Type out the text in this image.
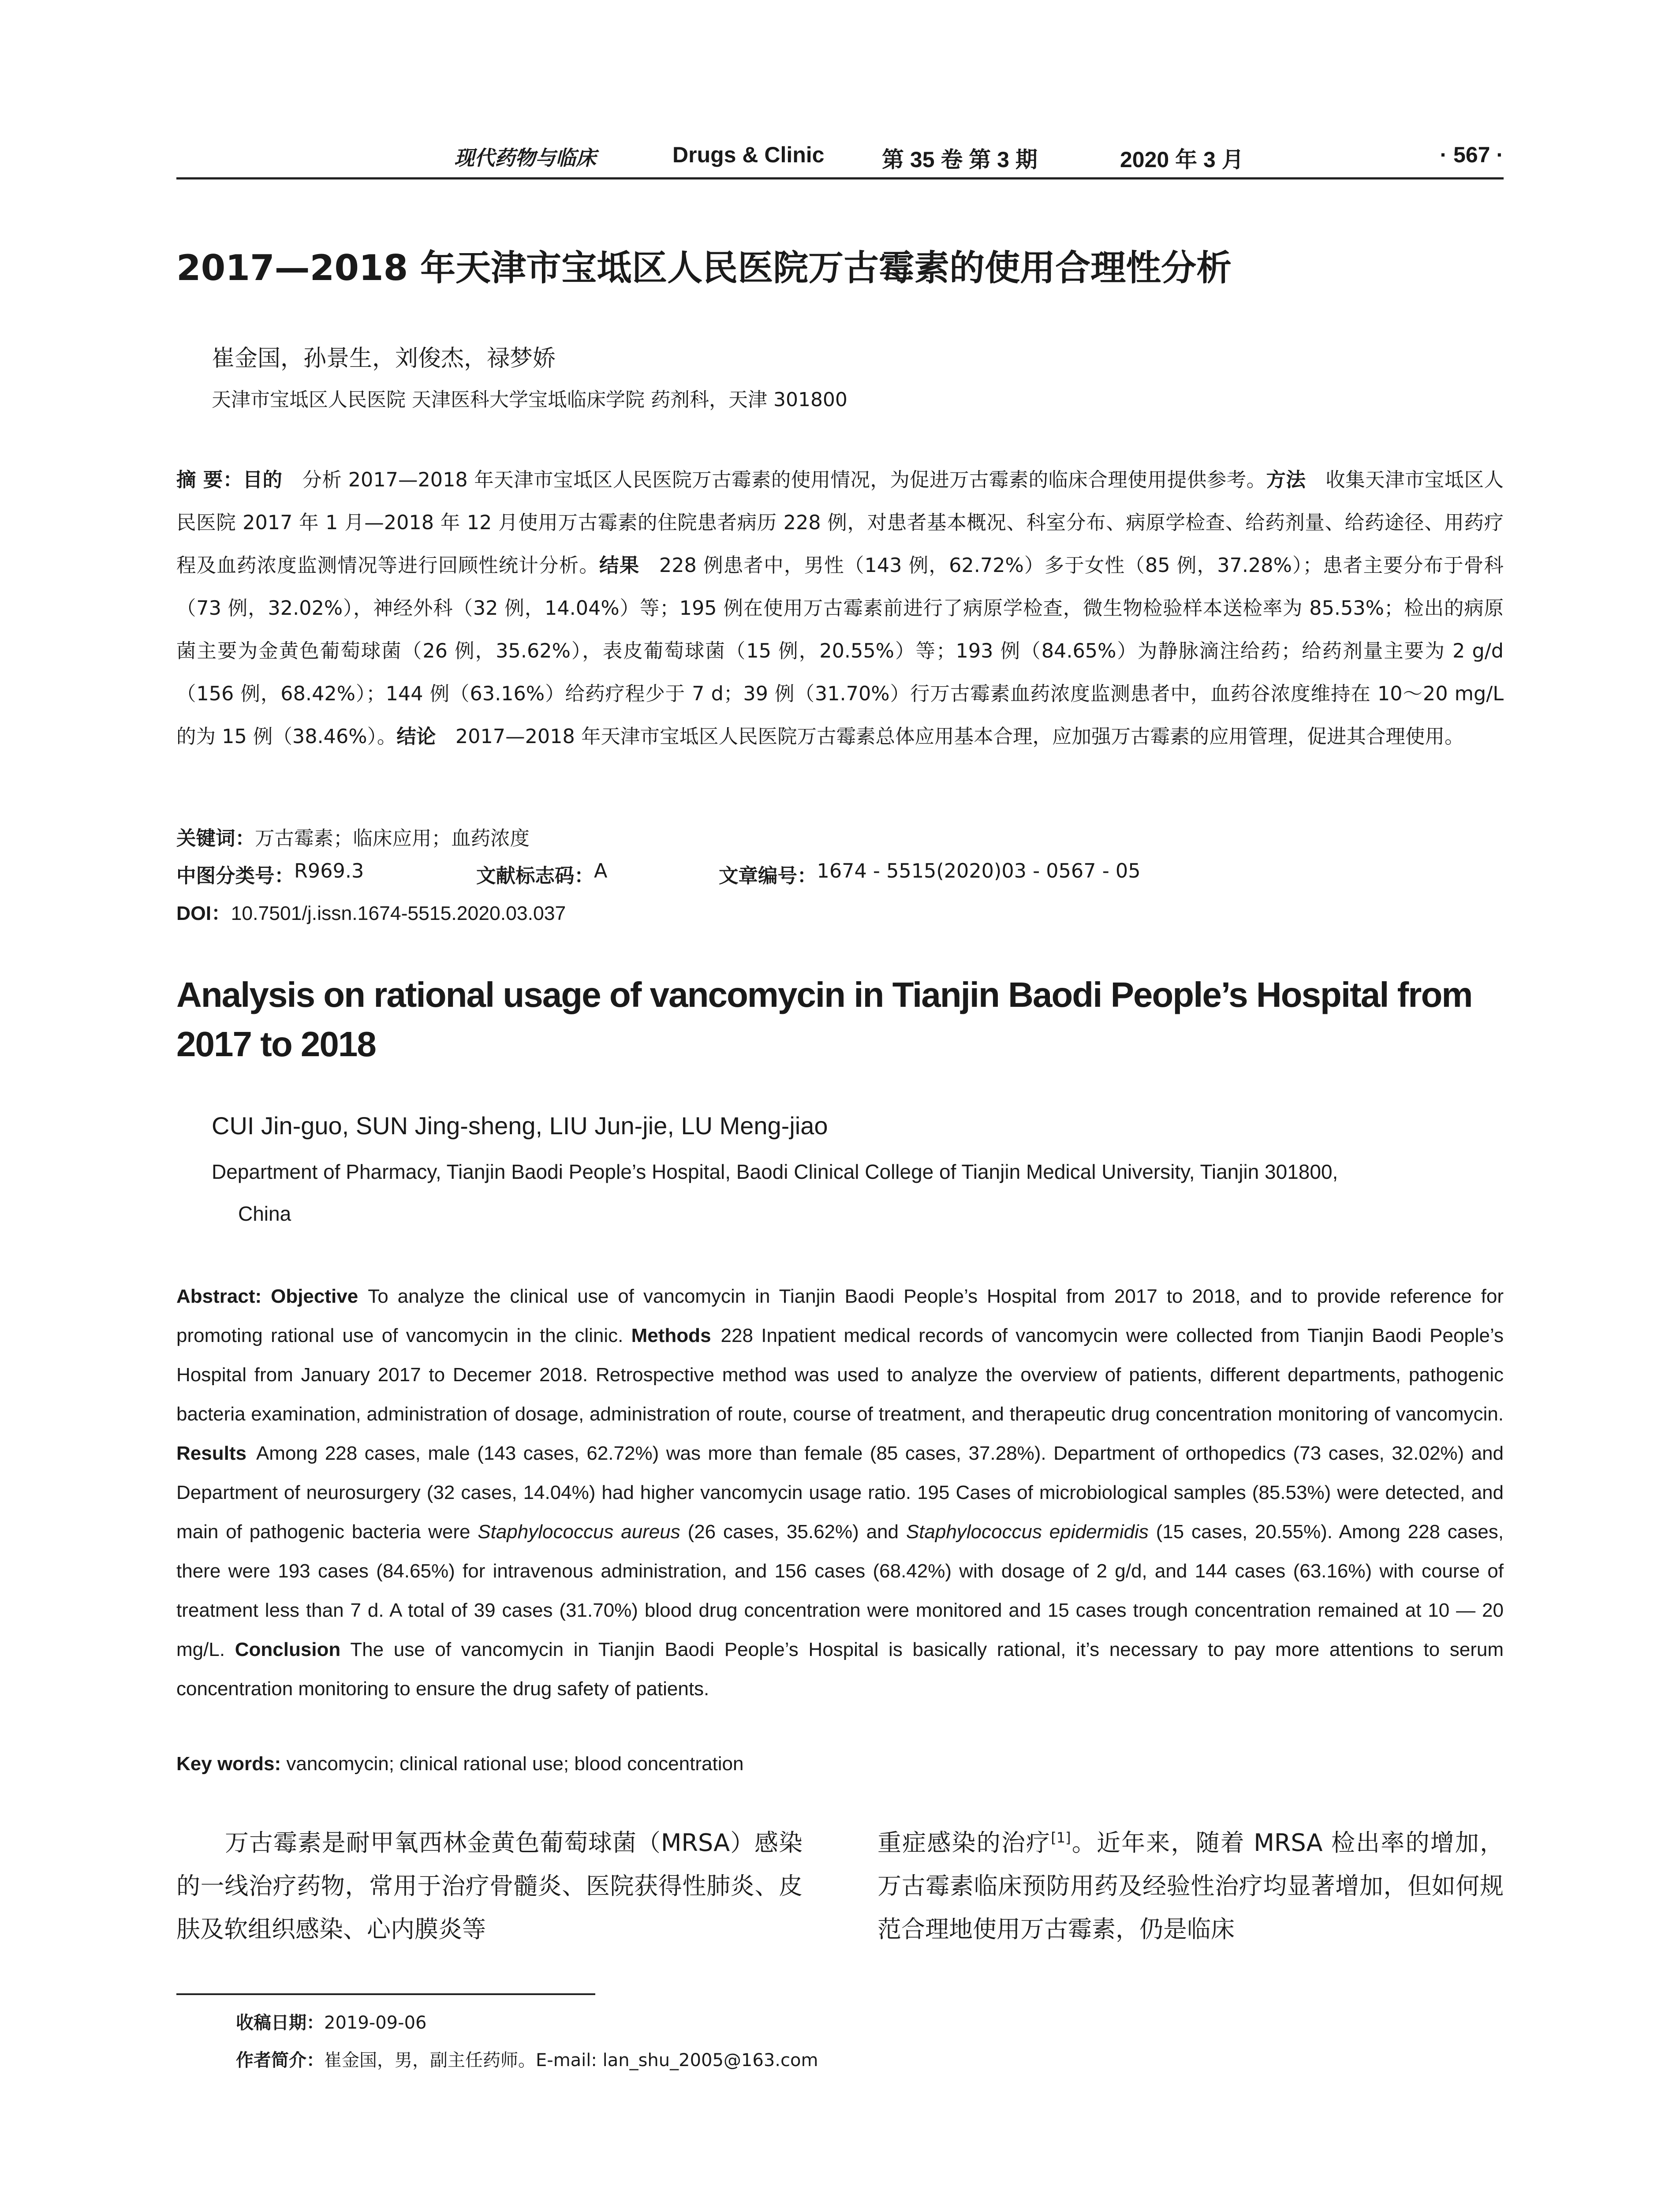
现代药物与临床	Drugs & Clinic	第 35 卷 第 3 期	2020 年 3 月	· 567 ·
2017—2018 年天津市宝坻区人民医院万古霉素的使用合理性分析
崔金国，孙景生，刘俊杰，禄梦娇
天津市宝坻区人民医院 天津医科大学宝坻临床学院 药剂科，天津 301800
摘 要：目的  分析 2017—2018 年天津市宝坻区人民医院万古霉素的使用情况，为促进万古霉素的临床合理使用提供参考。方法  收集天津市宝坻区人民医院 2017 年 1 月—2018 年 12 月使用万古霉素的住院患者病历 228 例，对患者基本概况、科室分布、病原学检查、给药剂量、给药途径、用药疗程及血药浓度监测情况等进行回顾性统计分析。结果  228 例患者中，男性（143 例，62.72%）多于女性（85 例，37.28%）；患者主要分布于骨科（73 例，32.02%），神经外科（32 例，14.04%）等；195 例在使用万古霉素前进行了病原学检查，微生物检验样本送检率为 85.53%；检出的病原菌主要为金黄色葡萄球菌（26 例，35.62%），表皮葡萄球菌（15 例，20.55%）等；193 例（84.65%）为静脉滴注给药；给药剂量主要为 2 g/d（156 例，68.42%）；144 例（63.16%）给药疗程少于 7 d；39 例（31.70%）行万古霉素血药浓度监测患者中，血药谷浓度维持在 10～20 mg/L 的为 15 例（38.46%）。结论  2017—2018 年天津市宝坻区人民医院万古霉素总体应用基本合理，应加强万古霉素的应用管理，促进其合理使用。
关键词：万古霉素；临床应用；血药浓度
中图分类号： R969.3	文献标志码： A	文章编号： 1674 - 5515(2020)03 - 0567 - 05
DOI：10.7501/j.issn.1674-5515.2020.03.037
Analysis on rational usage of vancomycin in Tianjin Baodi People’s Hospital from 2017 to 2018
CUI Jin-guo, SUN Jing-sheng, LIU Jun-jie, LU Meng-jiao
Department of Pharmacy, Tianjin Baodi People’s Hospital, Baodi Clinical College of Tianjin Medical University, Tianjin 301800,
China
Abstract: Objective  To analyze the clinical use of vancomycin in Tianjin Baodi People’s Hospital from 2017 to 2018, and to provide reference for promoting rational use of vancomycin in the clinic. Methods  228 Inpatient medical records of vancomycin were collected from Tianjin Baodi People’s Hospital from January 2017 to Decemer 2018. Retrospective method was used to analyze the overview of patients, different departments, pathogenic bacteria examination, administration of dosage, administration of route, course of treatment, and therapeutic drug concentration monitoring of vancomycin. Results  Among 228 cases, male (143 cases, 62.72%) was more than female (85 cases, 37.28%). Department of orthopedics (73 cases, 32.02%) and Department of neurosurgery (32 cases, 14.04%) had higher vancomycin usage ratio. 195 Cases of microbiological samples (85.53%) were detected, and main of pathogenic bacteria were Staphylococcus aureus (26 cases, 35.62%) and Staphylococcus epidermidis (15 cases, 20.55%). Among 228 cases, there were 193 cases (84.65%) for intravenous administration, and 156 cases (68.42%) with dosage of 2 g/d, and 144 cases (63.16%) with course of treatment less than 7 d. A total of 39 cases (31.70%) blood drug concentration were monitored and 15 cases trough concentration remained at 10 — 20 mg/L. Conclusion  The use of vancomycin in Tianjin Baodi People’s Hospital is basically rational, it’s necessary to pay more attentions to serum concentration monitoring to ensure the drug safety of patients.
Key words: vancomycin; clinical rational use; blood concentration
万古霉素是耐甲氧西林金黄色葡萄球菌（MRSA）感染的一线治疗药物，常用于治疗骨髓炎、医院获得性肺炎、皮肤及软组织感染、心内膜炎等
重症感染的治疗[1]。近年来，随着 MRSA 检出率的增加，万古霉素临床预防用药及经验性治疗均显著增加，但如何规范合理地使用万古霉素，仍是临床
收稿日期：2019-09-06
作者简介：崔金国，男，副主任药师。E-mail: lan_shu_2005@163.com
